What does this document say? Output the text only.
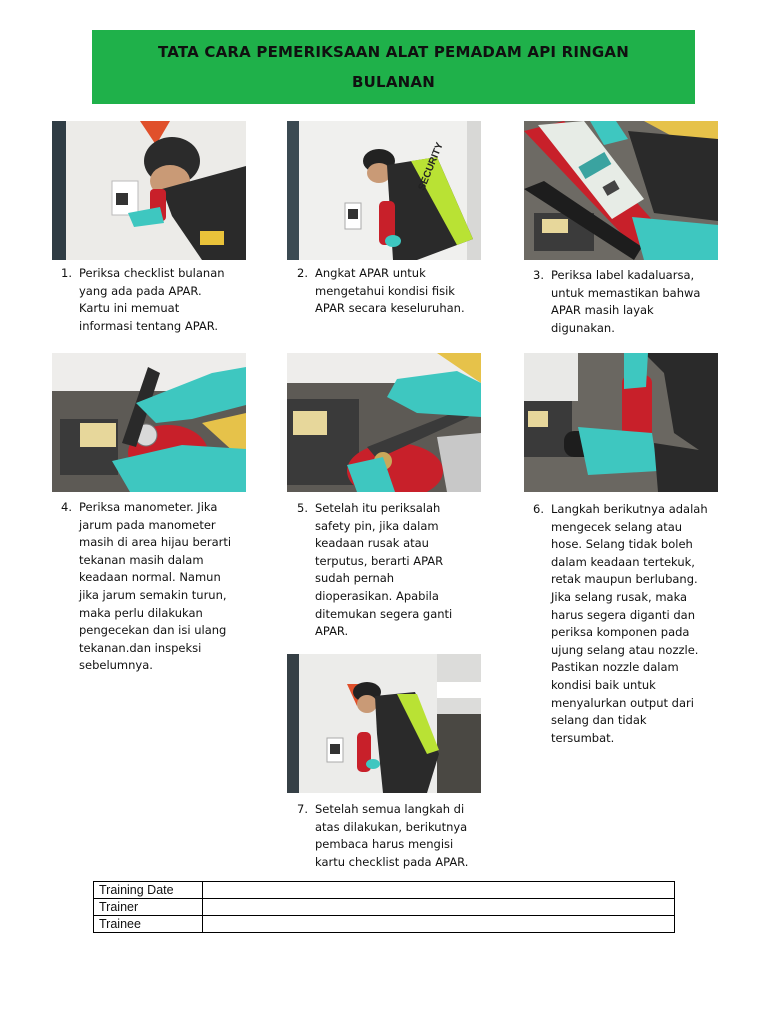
TATA CARA PEMERIKSAAN ALAT PEMADAM API RINGAN
BULANAN
SECURITY
1. Periksa checklist bulanan
yang ada pada APAR.
Kartu ini memuat
informasi tentang APAR.
2. Angkat APAR untuk
mengetahui kondisi fisik
APAR secara keseluruhan.
3. Periksa label kadaluarsa,
untuk memastikan bahwa
APAR masih layak
digunakan.
4. Periksa manometer. Jika
jarum pada manometer
masih di area hijau berarti
tekanan masih dalam
keadaan normal. Namun
jika jarum semakin turun,
maka perlu dilakukan
pengecekan dan isi ulang
tekanan.dan inspeksi
sebelumnya.
5. Setelah itu periksalah
safety pin, jika dalam
keadaan rusak atau
terputus, berarti APAR
sudah pernah
dioperasikan. Apabila
ditemukan segera ganti
APAR.
6. Langkah berikutnya adalah
mengecek selang atau
hose. Selang tidak boleh
dalam keadaan tertekuk,
retak maupun berlubang.
Jika selang rusak, maka
harus segera diganti dan
periksa komponen pada
ujung selang atau nozzle.
Pastikan nozzle dalam
kondisi baik untuk
menyalurkan output dari
selang dan tidak
tersumbat.
7. Setelah semua langkah di
atas dilakukan, berikutnya
pembaca harus mengisi
kartu checklist pada APAR.
Training Date	
Trainer	
Trainee	
